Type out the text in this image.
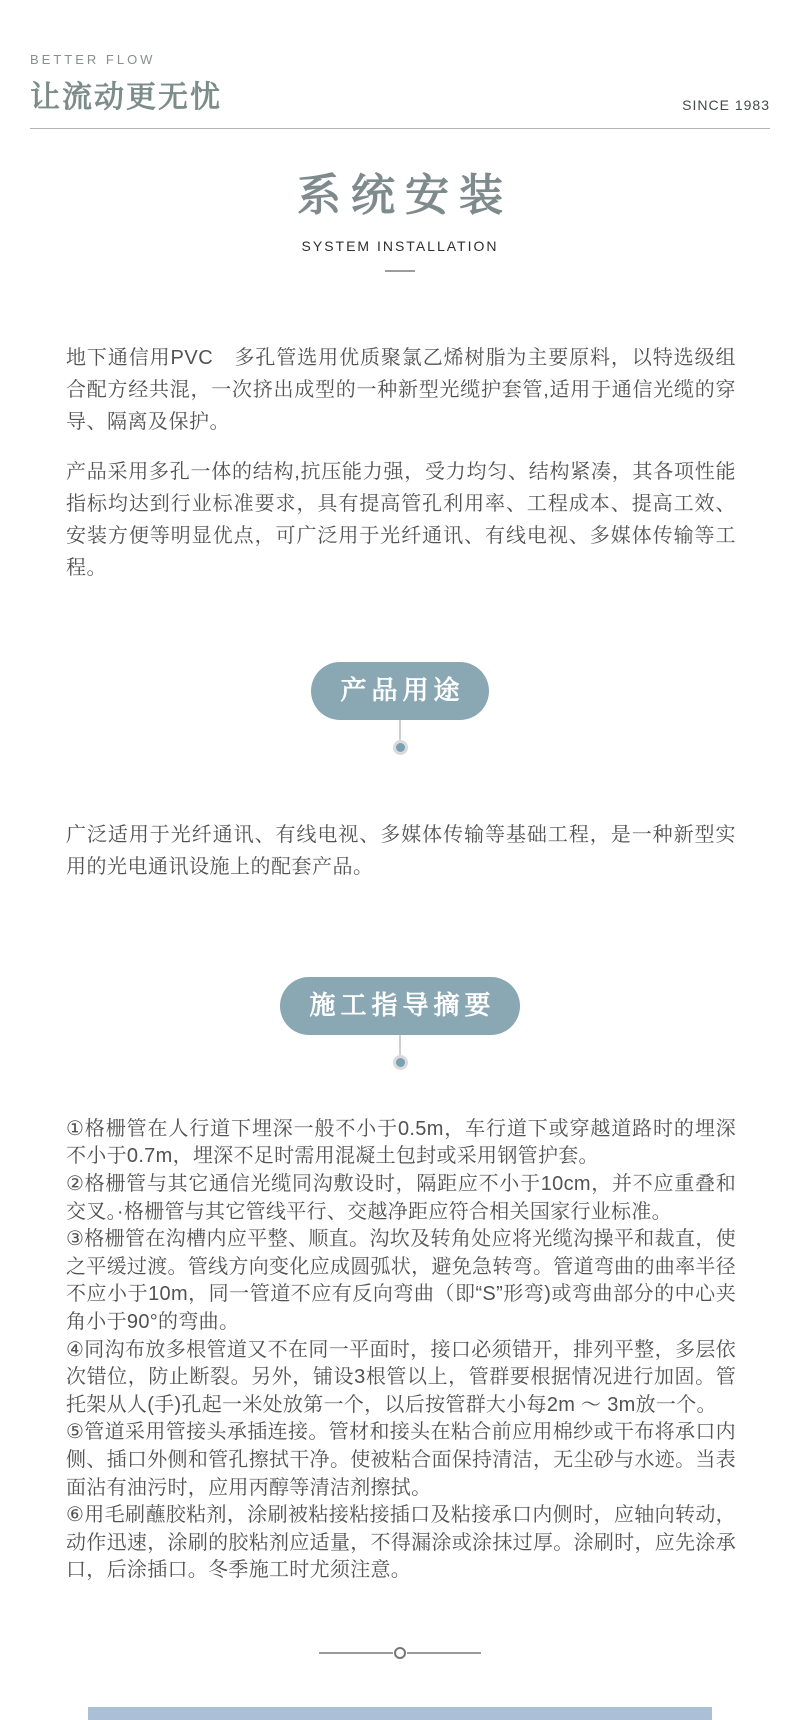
BETTER FLOW
让流动更无忧	SINCE 1983
系统安装
SYSTEM INSTALLATION

地下通信用PVC　多孔管选用优质聚氯乙烯树脂为主要原料，以特选级组合配方经共混，一次挤出成型的一种新型光缆护套管,适用于通信光缆的穿导、隔离及保护。

产品采用多孔一体的结构,抗压能力强，受力均匀、结构紧凑，其各项性能指标均达到行业标准要求，具有提高管孔利用率、工程成本、提高工效、安装方便等明显优点，可广泛用于光纤通讯、有线电视、多媒体传输等工程。

产品用途

广泛适用于光纤通讯、有线电视、多媒体传输等基础工程，是一种新型实用的光电通讯设施上的配套产品。

施工指导摘要

①格栅管在人行道下埋深一般不小于0.5m，车行道下或穿越道路时的埋深不小于0.7m，埋深不足时需用混凝土包封或采用钢管护套。

②格栅管与其它通信光缆同沟敷设时，隔距应不小于10cm，并不应重叠和交叉。·格栅管与其它管线平行、交越净距应符合相关国家行业标准。

③格栅管在沟槽内应平整、顺直。沟坎及转角处应将光缆沟操平和裁直，使之平缓过渡。管线方向变化应成圆弧状，避免急转弯。管道弯曲的曲率半径不应小于10m，同一管道不应有反向弯曲（即“S”形弯)或弯曲部分的中心夹角小于90°的弯曲。

④同沟布放多根管道又不在同一平面时，接口必须错开，排列平整，多层依次错位，防止断裂。另外，铺设3根管以上，管群要根据情况进行加固。管托架从人(手)孔起一米处放第一个，以后按管群大小每2m ～ 3m放一个。

⑤管道采用管接头承插连接。管材和接头在粘合前应用棉纱或干布将承口内侧、插口外侧和管孔擦拭干净。使被粘合面保持清洁，无尘砂与水迹。当表面沾有油污时，应用丙醇等清洁剂擦拭。

⑥用毛刷蘸胶粘剂，涂刷被粘接粘接插口及粘接承口内侧时，应轴向转动，动作迅速，涂刷的胶粘剂应适量，不得漏涂或涂抹过厚。涂刷时，应先涂承口，后涂插口。冬季施工时尤须注意。
